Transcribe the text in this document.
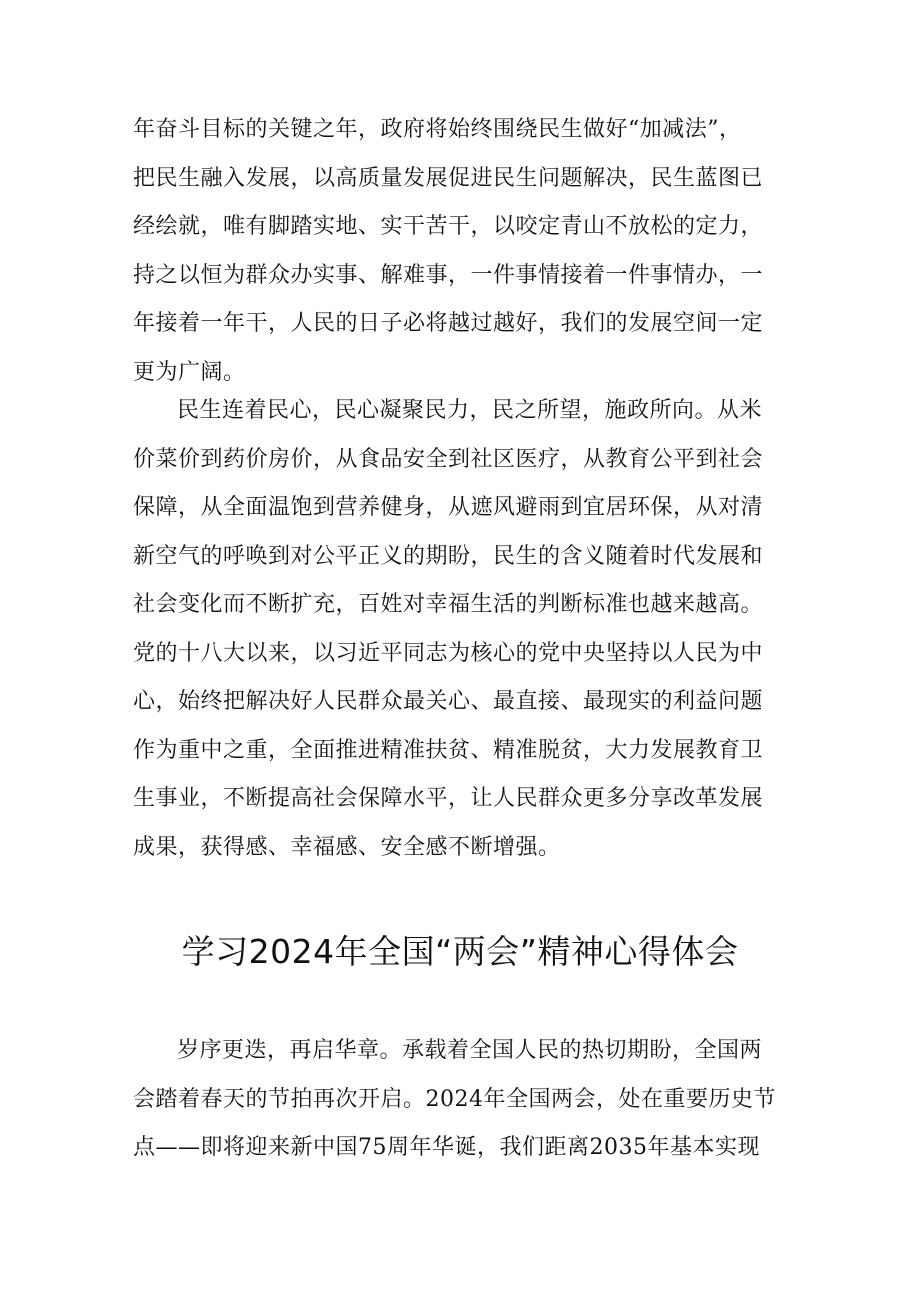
年奋斗目标的关键之年，政府将始终围绕民生做好“加减法”，
把民生融入发展，以高质量发展促进民生问题解决，民生蓝图已
经绘就，唯有脚踏实地、实干苦干，以咬定青山不放松的定力，
持之以恒为群众办实事、解难事，一件事情接着一件事情办，一
年接着一年干，人民的日子必将越过越好，我们的发展空间一定
更为广阔。
民生连着民心，民心凝聚民力，民之所望，施政所向。从米
价菜价到药价房价，从食品安全到社区医疗，从教育公平到社会
保障，从全面温饱到营养健身，从遮风避雨到宜居环保，从对清
新空气的呼唤到对公平正义的期盼，民生的含义随着时代发展和
社会变化而不断扩充，百姓对幸福生活的判断标准也越来越高。
党的十八大以来，以习近平同志为核心的党中央坚持以人民为中
心，始终把解决好人民群众最关心、最直接、最现实的利益问题
作为重中之重，全面推进精准扶贫、精准脱贫，大力发展教育卫
生事业，不断提高社会保障水平，让人民群众更多分享改革发展
成果，获得感、幸福感、安全感不断增强。
学习2024年全国“两会”精神心得体会
岁序更迭，再启华章。承载着全国人民的热切期盼，全国两
会踏着春天的节拍再次开启。2024年全国两会，处在重要历史节
点——即将迎来新中国75周年华诞，我们距离2035年基本实现
